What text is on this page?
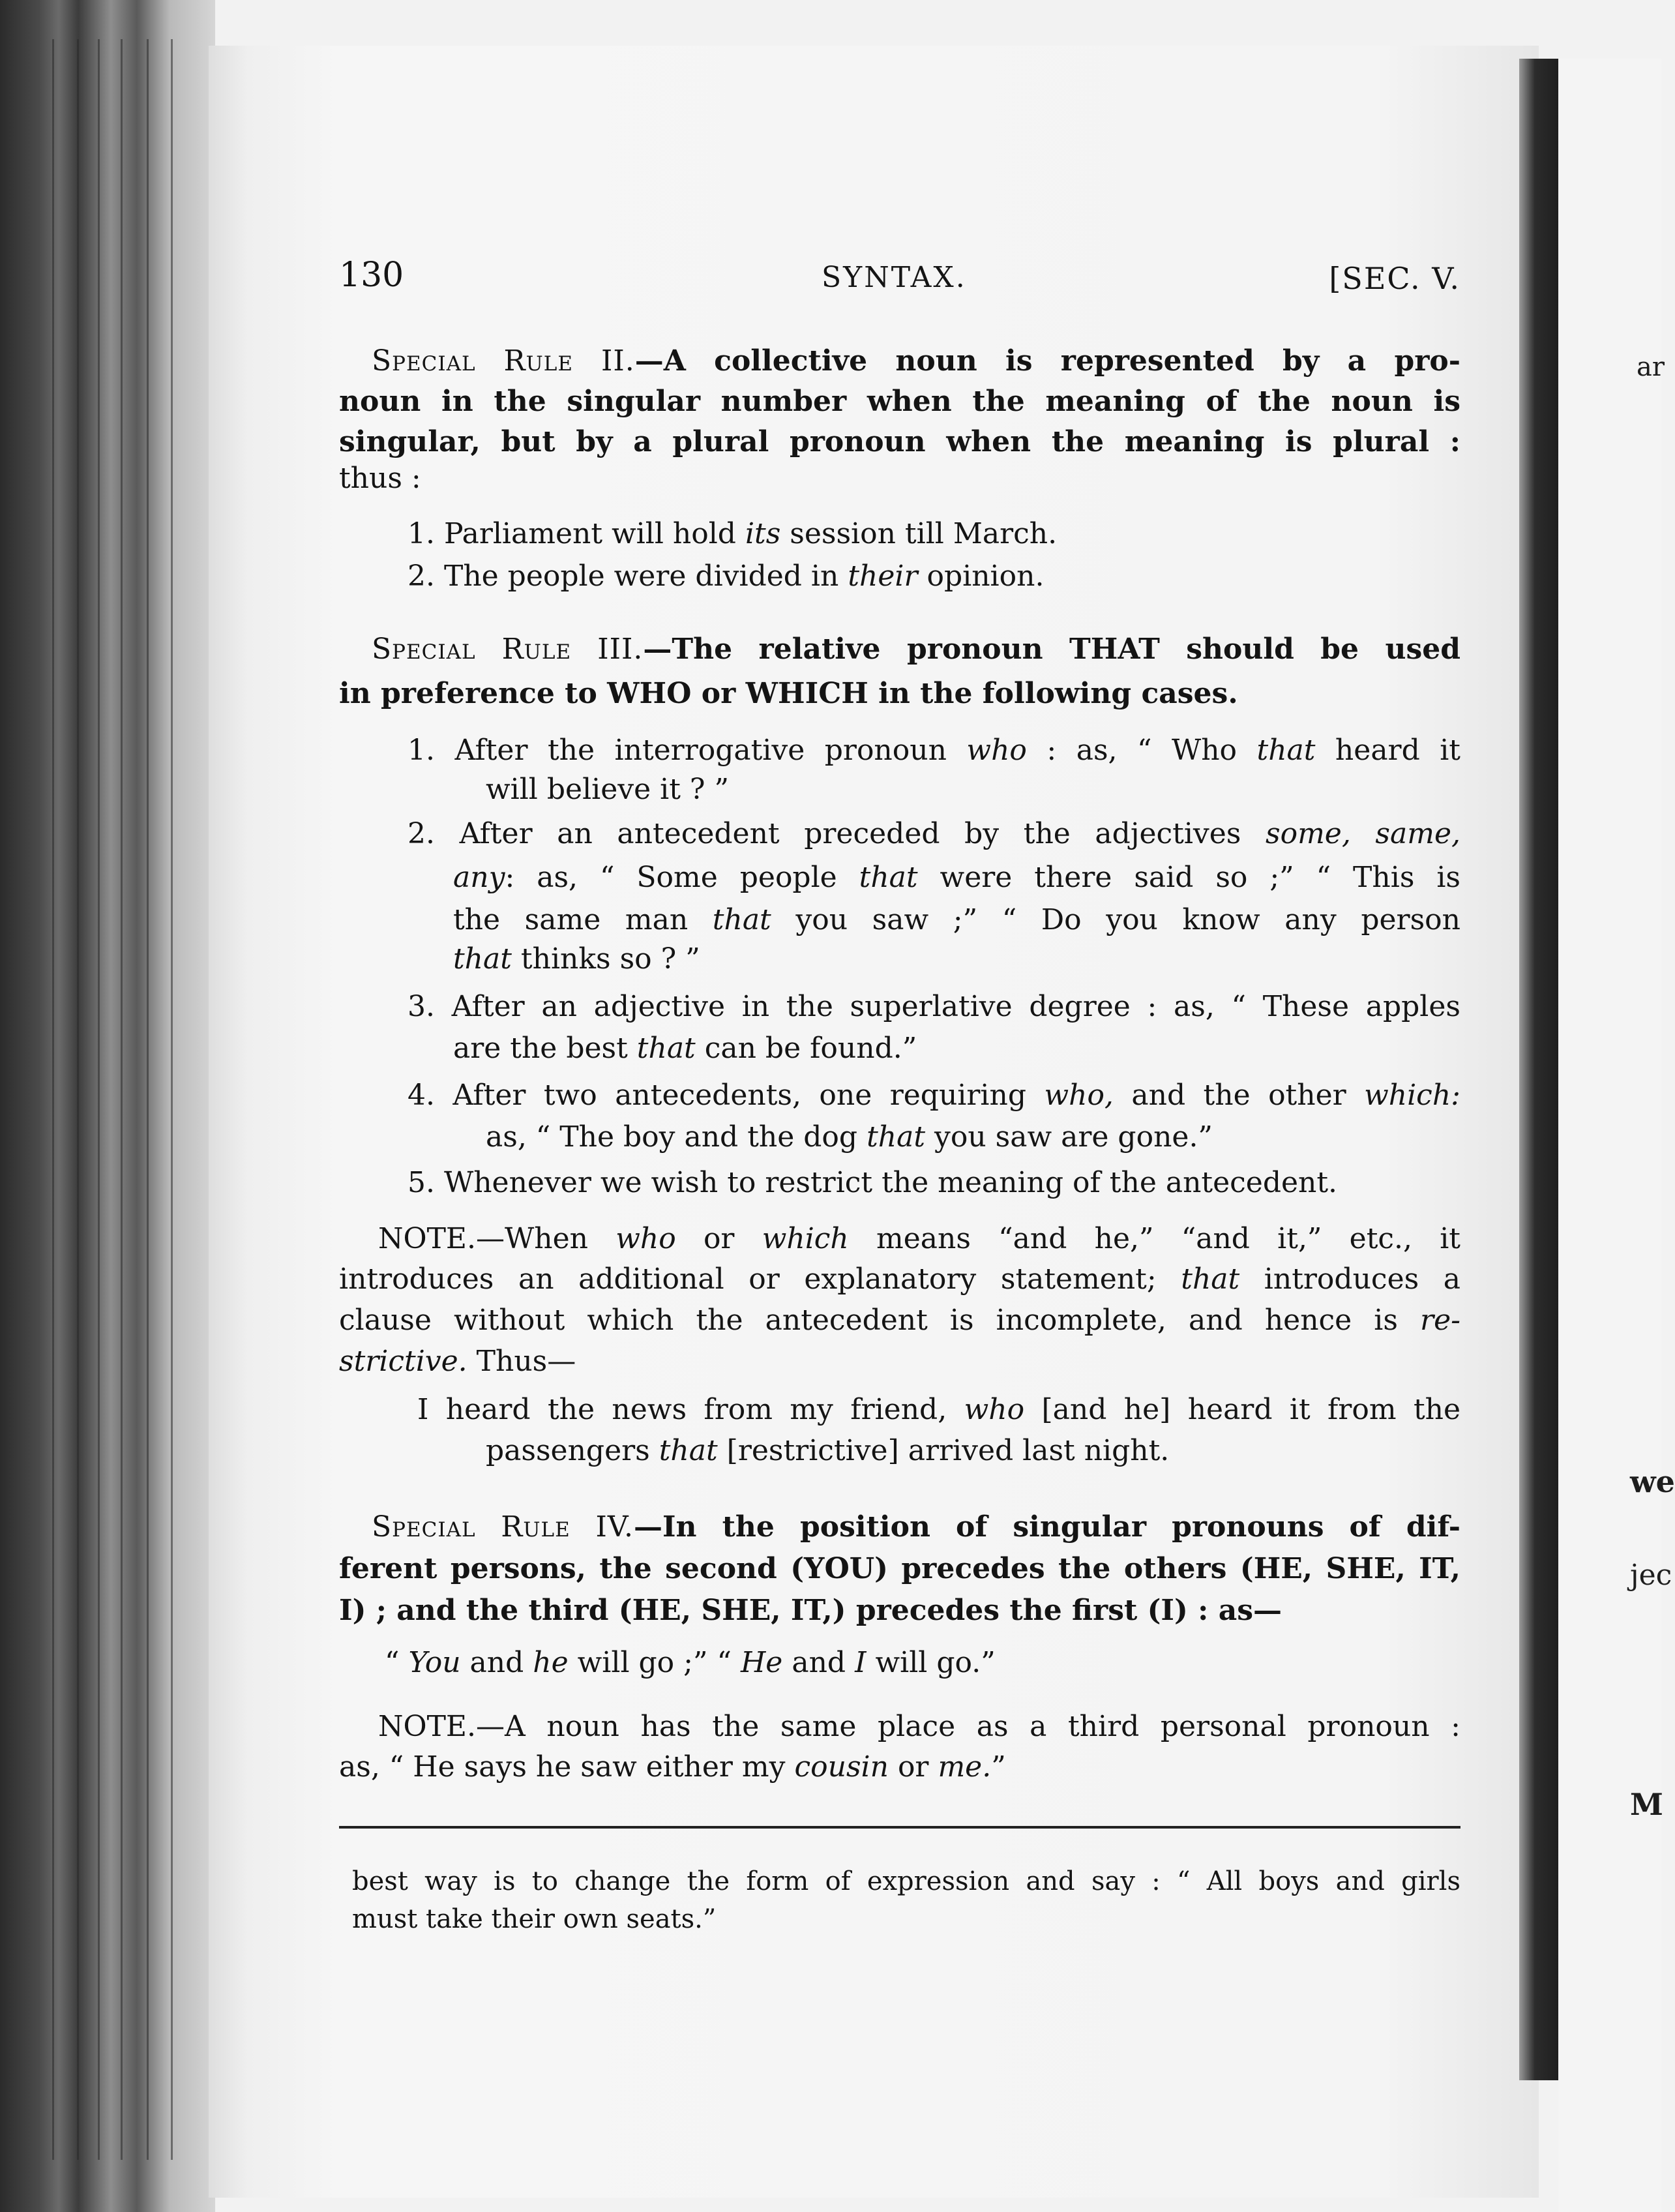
ar
we
jec
M
130	SYNTAX.	[SEC. V.
Special Rule II.—A collective noun is represented by a pro-
noun in the singular number when the meaning of the noun is
singular, but by a plural pronoun when the meaning is plural :
thus :
1. Parliament will hold its session till March.
2. The people were divided in their opinion.
Special Rule III.—The relative pronoun THAT should be used
in preference to WHO or WHICH in the following cases.
1. After the interrogative pronoun who : as, “ Who that heard it
will believe it ? ”
2. After an antecedent preceded by the adjectives some, same,
any: as, “ Some people that were there said so ;” “ This is
the same man that you saw ;” “ Do you know any person
that thinks so ? ”
3. After an adjective in the superlative degree : as, “ These apples
are the best that can be found.”
4. After two antecedents, one requiring who, and the other which:
as, “ The boy and the dog that you saw are gone.”
5. Whenever we wish to restrict the meaning of the antecedent.
NOTE.—When who or which means “and he,” “and it,” etc., it
introduces an additional or explanatory statement; that introduces a
clause without which the antecedent is incomplete, and hence is re-
strictive. Thus—
I heard the news from my friend, who [and he] heard it from the
passengers that [restrictive] arrived last night.
Special Rule IV.—In the position of singular pronouns of dif-
ferent persons, the second (YOU) precedes the others (HE, SHE, IT,
I) ; and the third (HE, SHE, IT,) precedes the first (I) : as—
“ You and he will go ;” “ He and I will go.”
NOTE.—A noun has the same place as a third personal pronoun :
as, “ He says he saw either my cousin or me.”
best way is to change the form of expression and say : “ All boys and girls
must take their own seats.”
